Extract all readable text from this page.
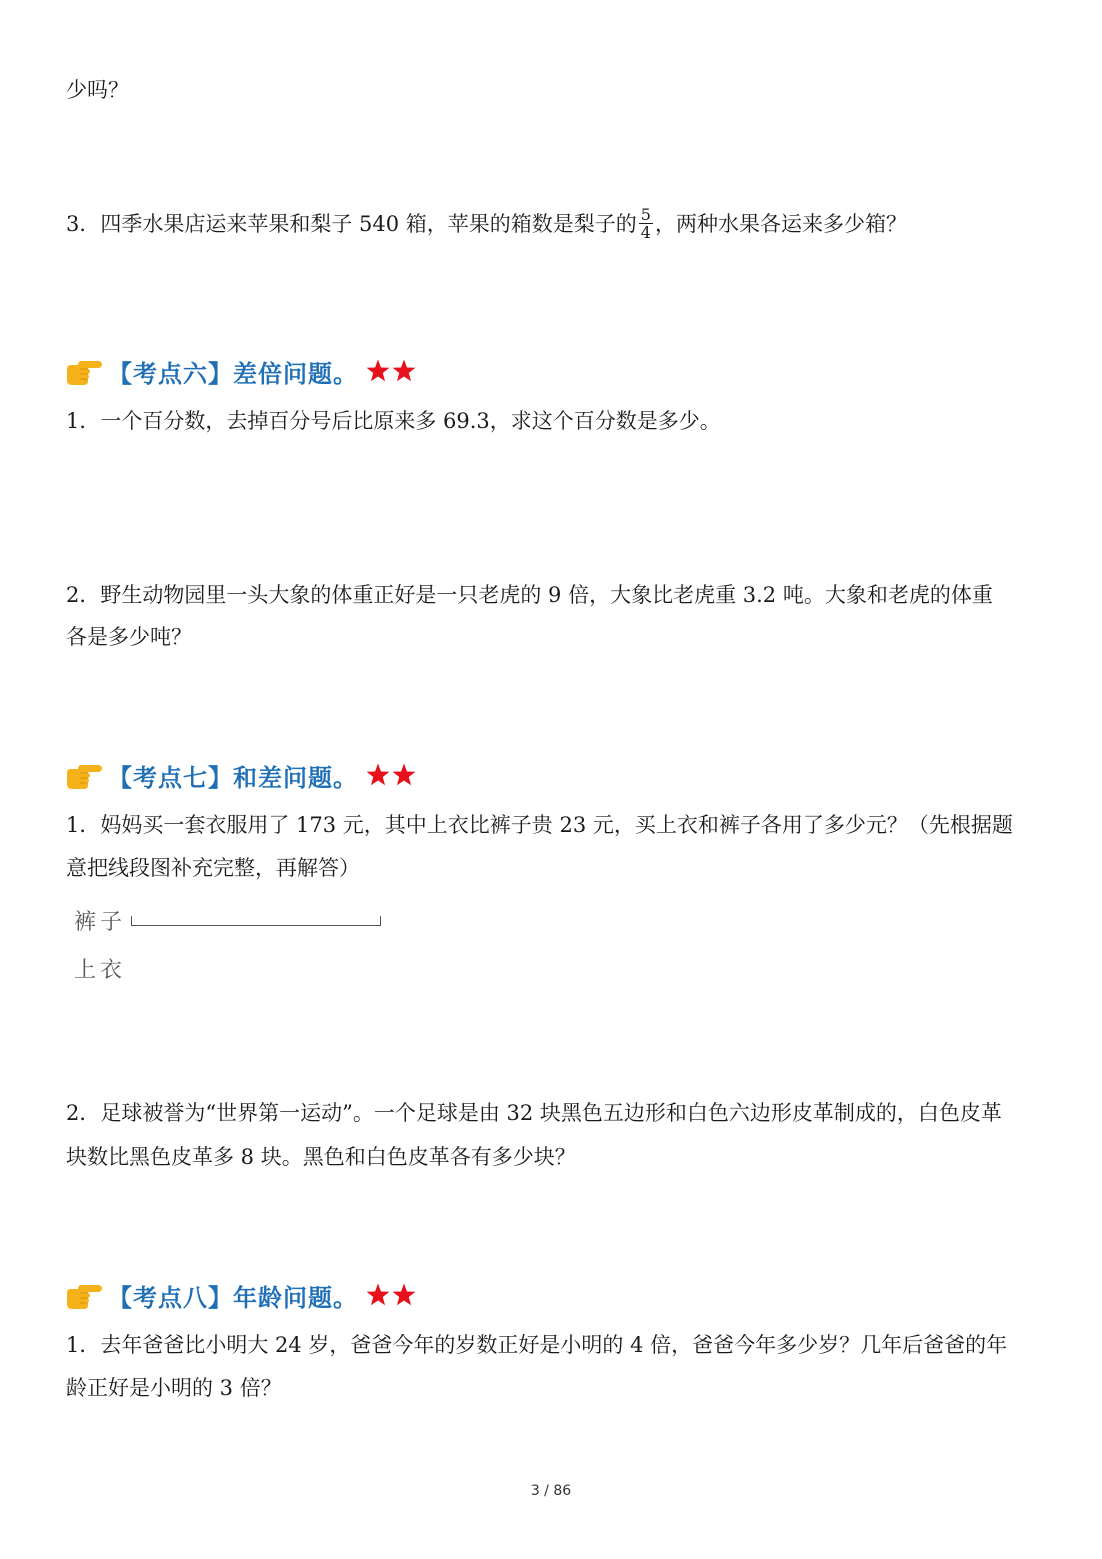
少吗？
3．四季水果店运来苹果和梨子 540 箱，苹果的箱数是梨子的 $\frac{5}{4}$ ，两种水果各运来多少箱？
【考点六】差倍问题。
1．一个百分数，去掉百分号后比原来多 69.3，求这个百分数是多少。
2．野生动物园里一头大象的体重正好是一只老虎的 9 倍，大象比老虎重 3.2 吨。大象和老虎的体重
各是多少吨？
【考点七】和差问题。
1．妈妈买一套衣服用了 173 元，其中上衣比裤子贵 23 元，买上衣和裤子各用了多少元？（先根据题
意把线段图补充完整，再解答）
裤子
上衣
2．足球被誉为“世界第一运动”。一个足球是由 32 块黑色五边形和白色六边形皮革制成的，白色皮革
块数比黑色皮革多 8 块。黑色和白色皮革各有多少块？
【考点八】年龄问题。
1．去年爸爸比小明大 24 岁，爸爸今年的岁数正好是小明的 4 倍，爸爸今年多少岁？几年后爸爸的年
龄正好是小明的 3 倍？
3 / 86
